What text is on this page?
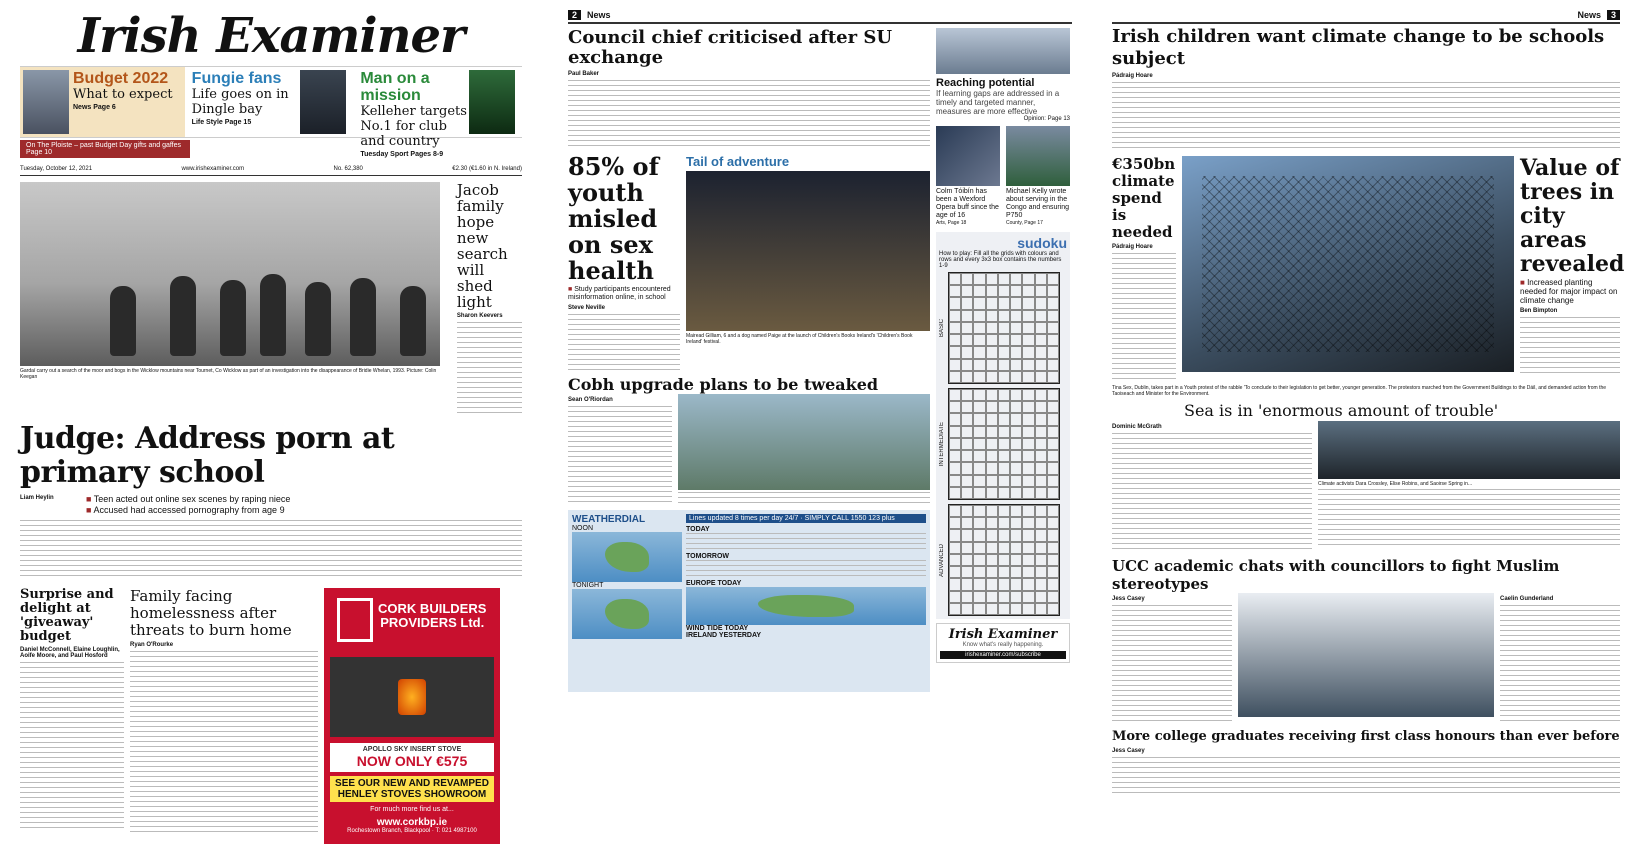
Irish Examiner
Budget 2022

What to expect

News Page 6
Fungie fans

Life goes on in Dingle bay

Life Style Page 15
Man on a mission

Kelleher targets No.1 for club and country

Tuesday Sport Pages 8-9
On The Ploiste – past Budget Day gifts and gaffes Page 10
Tuesday, October 12, 2021	www.irishexaminer.com	No. 62,380	€2.30 (€1.60 in N. Ireland)
Gardaí carry out a search of the moor and bogs in the Wicklow mountains near Tournet, Co Wicklow as part of an investigation into the disappearance of Bridie Whelan, 1993. Picture: Colin Keegan
Jacob family hope new search will shed light
Sharon Keevers
Judge: Address porn at primary school
Liam Heylin
■	Teen acted out online sex scenes by raping niece
■ Accused had accessed pornography from age 9
Surprise and delight at 'giveaway' budget
Daniel McConnell, Elaine Loughlin, Aoife Moore, and Paul Hosford
Family facing homelessness after threats to burn home
Ryan O'Rourke
CORK BUILDERS PROVIDERS Ltd.
APOLLO SKY INSERT STOVE
NOW ONLY €575
SEE OUR NEW AND REVAMPED
HENLEY STOVES SHOWROOM
For much more find us at...
www.corkbp.ie
Rochestown Branch, Blackpool · T: 021 4987100
2	News
Council chief criticised after SU exchange
Paul Baker
85% of youth misled on sex health
■ Study participants encountered misinformation online, in school
Steve Neville
Tail of adventure
Mairead Gilliam, 6 and a dog named Paige at the launch of Children's Books Ireland's 'Children's Book Ireland' festival.
Cobh upgrade plans to be tweaked
Sean O'Riordan
WEATHERDIAL
NOON
TONIGHT
Lines updated 8 times per day 24/7 · SIMPLY CALL 1550 123 plus
TODAY
TOMORROW
EUROPE TODAY
WIND TIDE TODAY
IRELAND YESTERDAY
Reaching potential
If learning gaps are addressed in a timely and targeted manner, measures are more effective
Opinion: Page 13
Colm Tóibín has been a Wexford Opera buff since the age of 16
Arts, Page 18
Michael Kelly wrote about serving in the Congo and ensuring P750
County, Page 17
sudoku
How to play: Fill all the grids with colours and rows and every 3x3 box contains the numbers 1-9
BASIC
INTERMEDIATE
ADVANCED
Irish Examiner
Know what's really happening.
irishexaminer.com/subscribe
News	3
Irish children want climate change to be schools subject
Pádraig Hoare
€350bn climate spend is needed
Pádraig Hoare
Value of trees in city areas revealed
■ Increased planting needed for major impact on climate change
Ben Bimpton
Tina Sex, Dublin, takes part in a Youth protest of the rabble 'To conclude to their legislation to get better, younger generation. The protestors marched from the Government Buildings to the Dáil, and demanded action from the Taoiseach and Minister for the Environment.
Sea is in 'enormous amount of trouble'
Dominic McGrath
Climate activists Dara Crossley, Elise Robins, and Saoirse Spring in...
UCC academic chats with councillors to fight Muslim stereotypes
Jess Casey	Caelin Gunderland
More college graduates receiving first class honours than ever before
Jess Casey
